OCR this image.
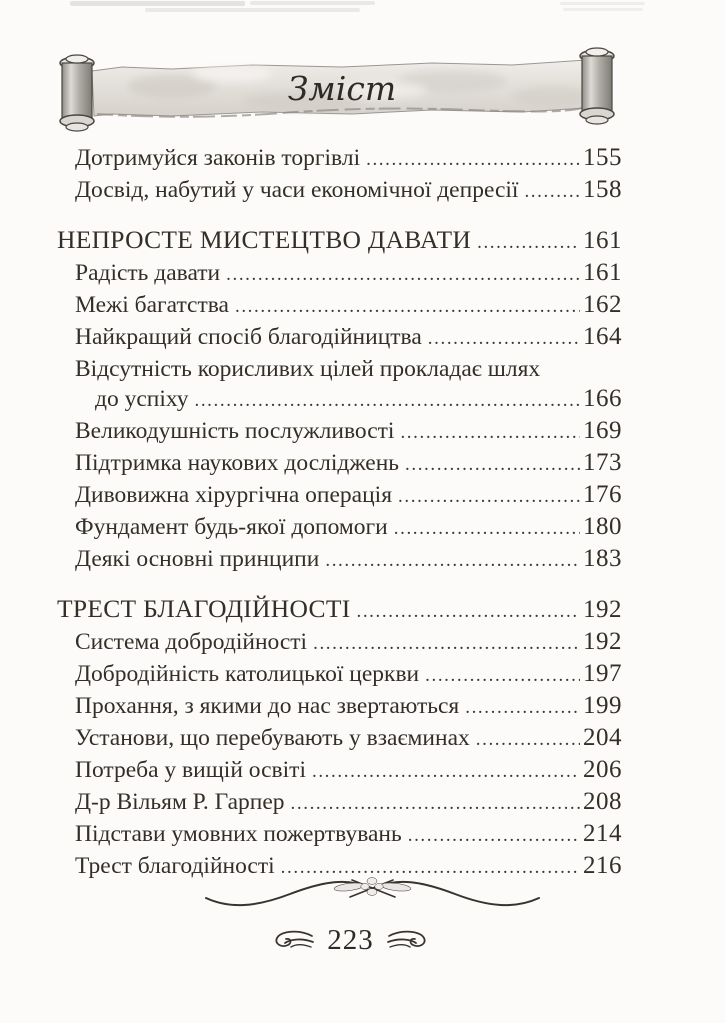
Зміст
Дотримуйся законів торгівлі .....	155
Досвід, набутий у часи економічної депресії .....	158
НЕПРОСТЕ МИСТЕЦТВО ДАВАТИ .....	161
Радість давати .....	161
Межі багатства .....	162
Найкращий спосіб благодійництва .....	164
Відсутність корисливих цілей прокладає шлях
до успіху .....	166
Великодушність послужливості .....	169
Підтримка наукових досліджень .....	173
Дивовижна хірургічна операція .....	176
Фундамент будь-якої допомоги .....	180
Деякі основні принципи .....	183
ТРЕСТ БЛАГОДІЙНОСТІ .....	192
Система добродійності .....	192
Добродійність католицької церкви .....	197
Прохання, з якими до нас звертаються .....	199
Установи, що перебувають у взаєминах .....	204
Потреба у вищій освіті .....	206
Д-р Вільям Р. Гарпер .....	208
Підстави умовних пожертвувань .....	214
Трест благодійності .....	216
223
